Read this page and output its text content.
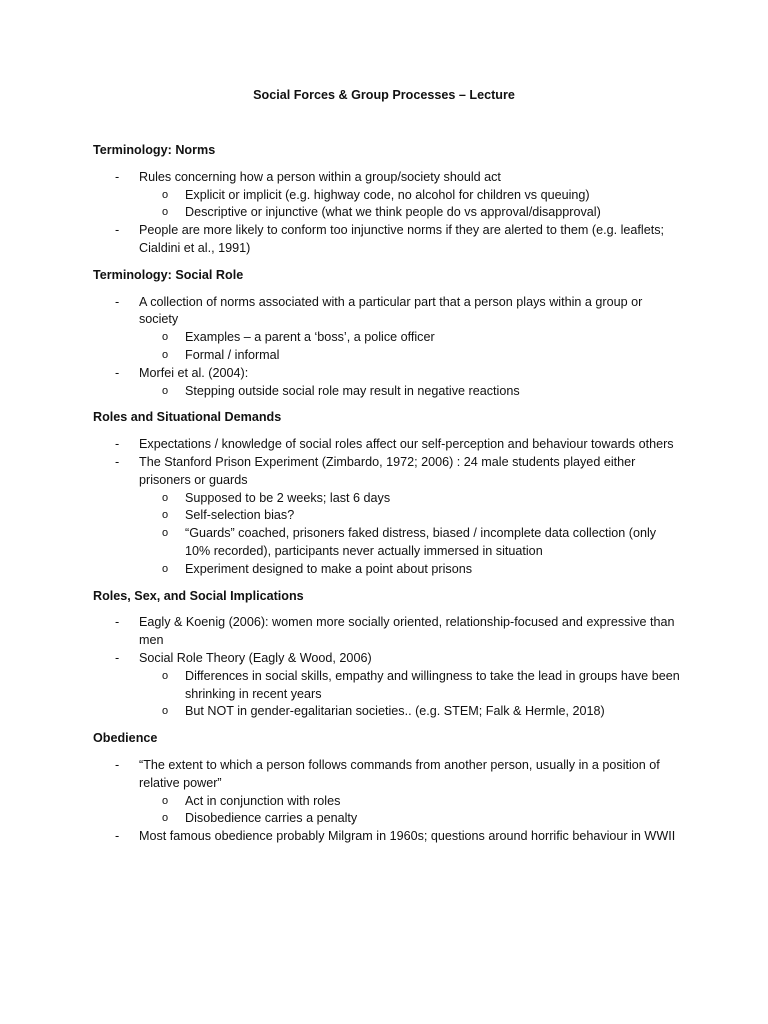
Social Forces & Group Processes – Lecture
Terminology: Norms
- Rules concerning how a person within a group/society should act
o Explicit or implicit (e.g. highway code, no alcohol for children vs queuing)
o Descriptive or injunctive (what we think people do vs approval/disapproval)
- People are more likely to conform too injunctive norms if they are alerted to them (e.g. leaflets; Cialdini et al., 1991)
Terminology: Social Role
- A collection of norms associated with a particular part that a person plays within a group or society
o Examples – a parent a ‘boss’, a police officer
o Formal / informal
- Morfei et al. (2004):
o Stepping outside social role may result in negative reactions
Roles and Situational Demands
- Expectations / knowledge of social roles affect our self-perception and behaviour towards others
- The Stanford Prison Experiment (Zimbardo, 1972; 2006) : 24 male students played either prisoners or guards
o Supposed to be 2 weeks; last 6 days
o Self-selection bias?
o “Guards” coached, prisoners faked distress, biased / incomplete data collection (only 10% recorded), participants never actually immersed in situation
o Experiment designed to make a point about prisons
Roles, Sex, and Social Implications
- Eagly & Koenig (2006): women more socially oriented, relationship-focused and expressive than men
- Social Role Theory (Eagly & Wood, 2006)
o Differences in social skills, empathy and willingness to take the lead in groups have been shrinking in recent years
o But NOT in gender-egalitarian societies.. (e.g. STEM; Falk & Hermle, 2018)
Obedience
- “The extent to which a person follows commands from another person, usually in a position of relative power”
o Act in conjunction with roles
o Disobedience carries a penalty
- Most famous obedience probably Milgram in 1960s; questions around horrific behaviour in WWII
